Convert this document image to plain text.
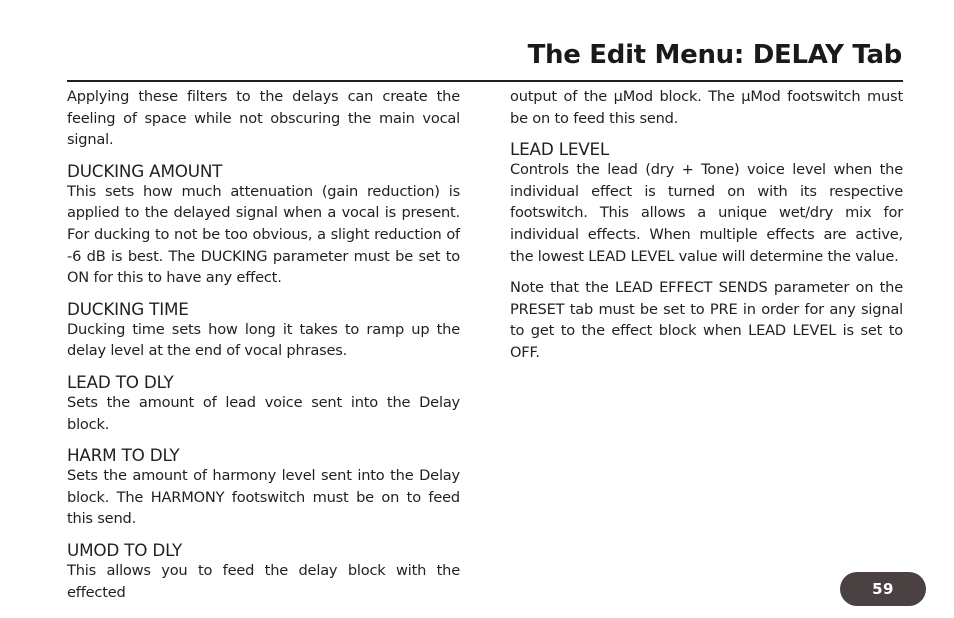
The Edit Menu: DELAY Tab

Applying these filters to the delays can create the feeling of space while not obscuring the main vocal signal.

DUCKING AMOUNT

This sets how much attenuation (gain reduction) is applied to the delayed signal when a vocal is present. For ducking to not be too obvious, a slight reduction of -6 dB is best. The DUCKING parameter must be set to ON for this to have any effect.

DUCKING TIME

Ducking time sets how long it takes to ramp up the delay level at the end of vocal phrases.

LEAD TO DLY

Sets the amount of lead voice sent into the Delay block.

HARM TO DLY

Sets the amount of harmony level sent into the Delay block. The HARMONY footswitch must be on to feed this send.

UMOD TO DLY

This allows you to feed the delay block with the effected

output of the μMod block. The μMod footswitch must be on to feed this send.

LEAD LEVEL

Controls the lead (dry + Tone) voice level when the individual effect is turned on with its respective footswitch. This allows a unique wet/dry mix for individual effects. When multiple effects are active, the lowest LEAD LEVEL value will determine the value.

Note that the LEAD EFFECT SENDS parameter on the PRESET tab must be set to PRE in order for any signal to get to the effect block when LEAD LEVEL is set to OFF.

59
